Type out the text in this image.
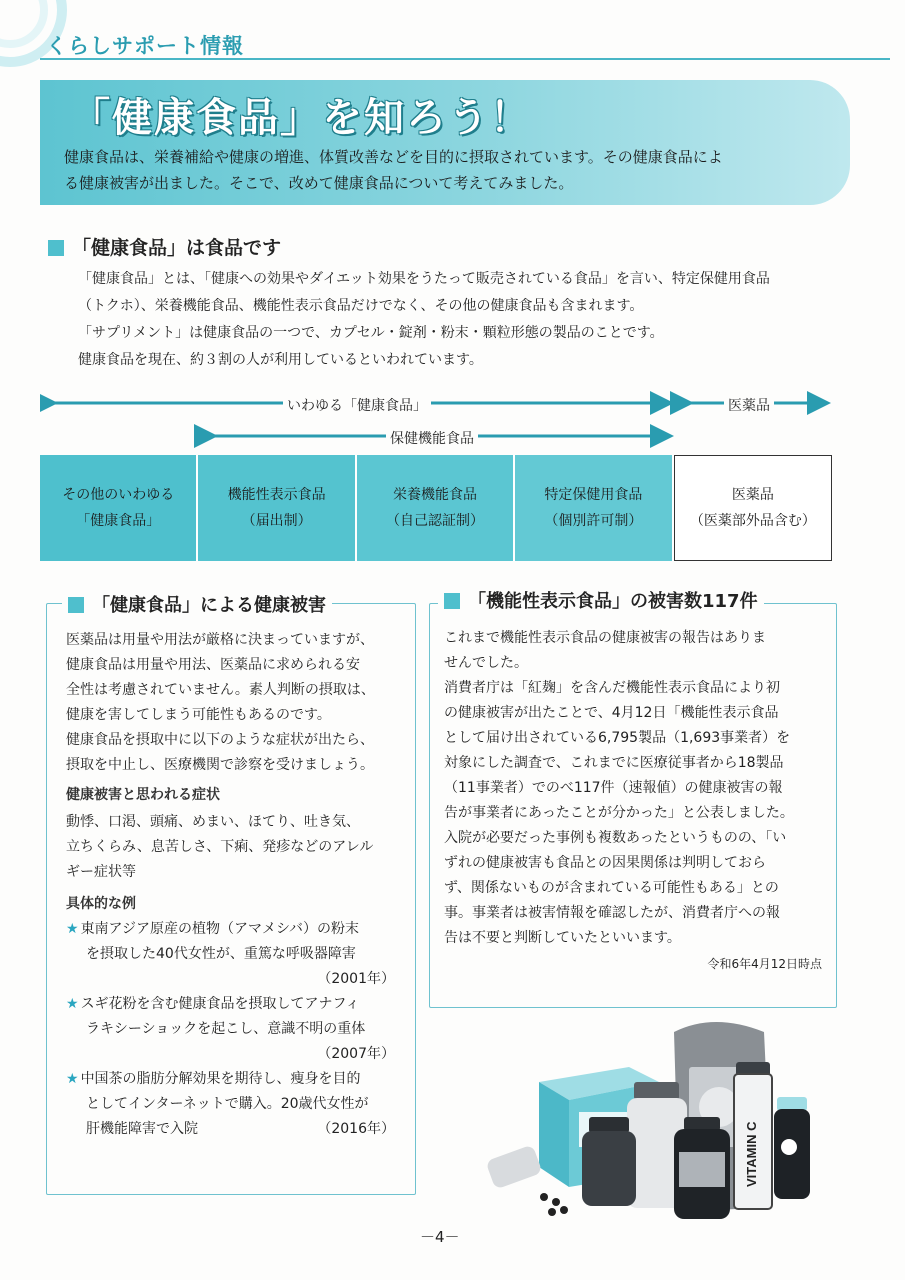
くらしサポート情報
「健康食品」を知ろう！
健康食品は、栄養補給や健康の増進、体質改善などを目的に摂取されています。その健康食品によ
る健康被害が出ました。そこで、改めて健康食品について考えてみました。
「健康食品」は食品です
「健康食品」とは、「健康への効果やダイエット効果をうたって販売されている食品」を言い、特定保健用食品
（トクホ）、栄養機能食品、機能性表示食品だけでなく、その他の健康食品も含まれます。
「サプリメント」は健康食品の一つで、カプセル・錠剤・粉末・顆粒形態の製品のことです。
健康食品を現在、約３割の人が利用しているといわれています。
いわゆる「健康食品」	医薬品
保健機能食品
その他のいわゆる
「健康食品」
機能性表示食品
（届出制）
栄養機能食品
（自己認証制）
特定保健用食品
（個別許可制）
医薬品
（医薬部外品含む）
「健康食品」による健康被害
医薬品は用量や用法が厳格に決まっていますが、
健康食品は用量や用法、医薬品に求められる安
全性は考慮されていません。素人判断の摂取は、
健康を害してしまう可能性もあるのです。
健康食品を摂取中に以下のような症状が出たら、
摂取を中止し、医療機関で診察を受けましょう。
健康被害と思われる症状
動悸、口渇、頭痛、めまい、ほてり、吐き気、
立ちくらみ、息苦しさ、下痢、発疹などのアレル
ギー症状等
具体的な例
★ 東南アジア原産の植物（アマメシバ）の粉末
を摂取した40代女性が、重篤な呼吸器障害
（2001年）
★ スギ花粉を含む健康食品を摂取してアナフィ
ラキシーショックを起こし、意識不明の重体
（2007年）
★ 中国茶の脂肪分解効果を期待し、痩身を目的
としてインターネットで購入。20歳代女性が
肝機能障害で入院	（2016年）
「機能性表示食品」の被害数117件
これまで機能性表示食品の健康被害の報告はありま
せんでした。
消費者庁は「紅麹」を含んだ機能性表示食品により初
の健康被害が出たことで、4月12日「機能性表示食品
として届け出されている6,795製品（1,693事業者）を
対象にした調査で、これまでに医療従事者から18製品
（11事業者）でのべ117件（速報値）の健康被害の報
告が事業者にあったことが分かった」と公表しました。
入院が必要だった事例も複数あったというものの、「い
ずれの健康被害も食品との因果関係は判明しておら
ず、関係ないものが含まれている可能性もある」との
事。事業者は被害情報を確認したが、消費者庁への報
告は不要と判断していたといいます。
令和6年4月12日時点
VITAMIN C
－4－
